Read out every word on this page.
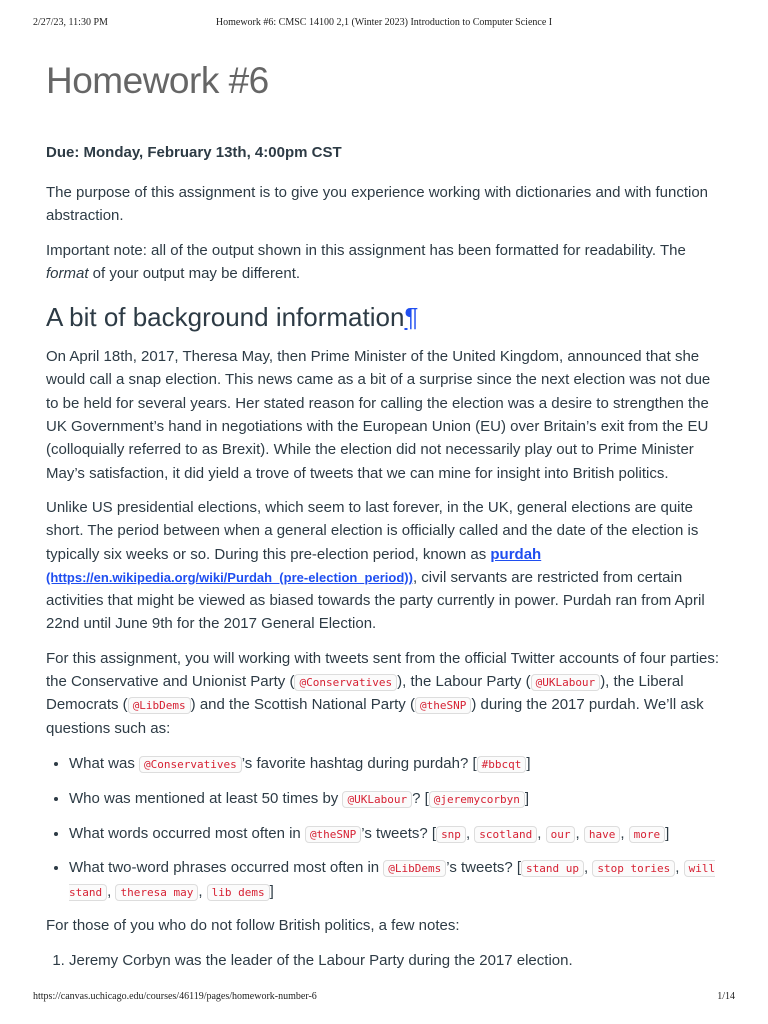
2/27/23, 11:30 PM	Homework #6: CMSC 14100 2,1 (Winter 2023) Introduction to Computer Science I
Homework #6
Due: Monday, February 13th, 4:00pm CST

The purpose of this assignment is to give you experience working with dictionaries and with function abstraction.

Important note: all of the output shown in this assignment has been formatted for readability. The format of your output may be different.

A bit of background information¶

On April 18th, 2017, Theresa May, then Prime Minister of the United Kingdom, announced that she would call a snap election. This news came as a bit of a surprise since the next election was not due to be held for several years. Her stated reason for calling the election was a desire to strengthen the UK Government’s hand in negotiations with the European Union (EU) over Britain’s exit from the EU (colloquially referred to as Brexit). While the election did not necessarily play out to Prime Minister May’s satisfaction, it did yield a trove of tweets that we can mine for insight into British politics.

Unlike US presidential elections, which seem to last forever, in the UK, general elections are quite short. The period between when a general election is officially called and the date of the election is typically six weeks or so. During this pre-election period, known as purdah (https://en.wikipedia.org/wiki/Purdah_(pre-election_period)), civil servants are restricted from certain activities that might be viewed as biased towards the party currently in power. Purdah ran from April 22nd until June 9th for the 2017 General Election.

For this assignment, you will working with tweets sent from the official Twitter accounts of four parties: the Conservative and Unionist Party ( @Conservatives ), the Labour Party ( @UKLabour ), the Liberal Democrats ( @LibDems ) and the Scottish National Party ( @theSNP ) during the 2017 purdah. We’ll ask questions such as:

• What was @Conservatives ’s favorite hashtag during purdah? [ #bbcqt ]
• Who was mentioned at least 50 times by @UKLabour ? [ @jeremycorbyn ]
• What words occurred most often in @theSNP ’s tweets? [ snp , scotland , our , have , more ]
• What two-word phrases occurred most often in @LibDems ’s tweets? [ stand up , stop tories , will stand , theresa may , lib dems ]

For those of you who do not follow British politics, a few notes:

1. Jeremy Corbyn was the leader of the Labour Party during the 2017 election.
https://canvas.uchicago.edu/courses/46119/pages/homework-number-6	1/14
